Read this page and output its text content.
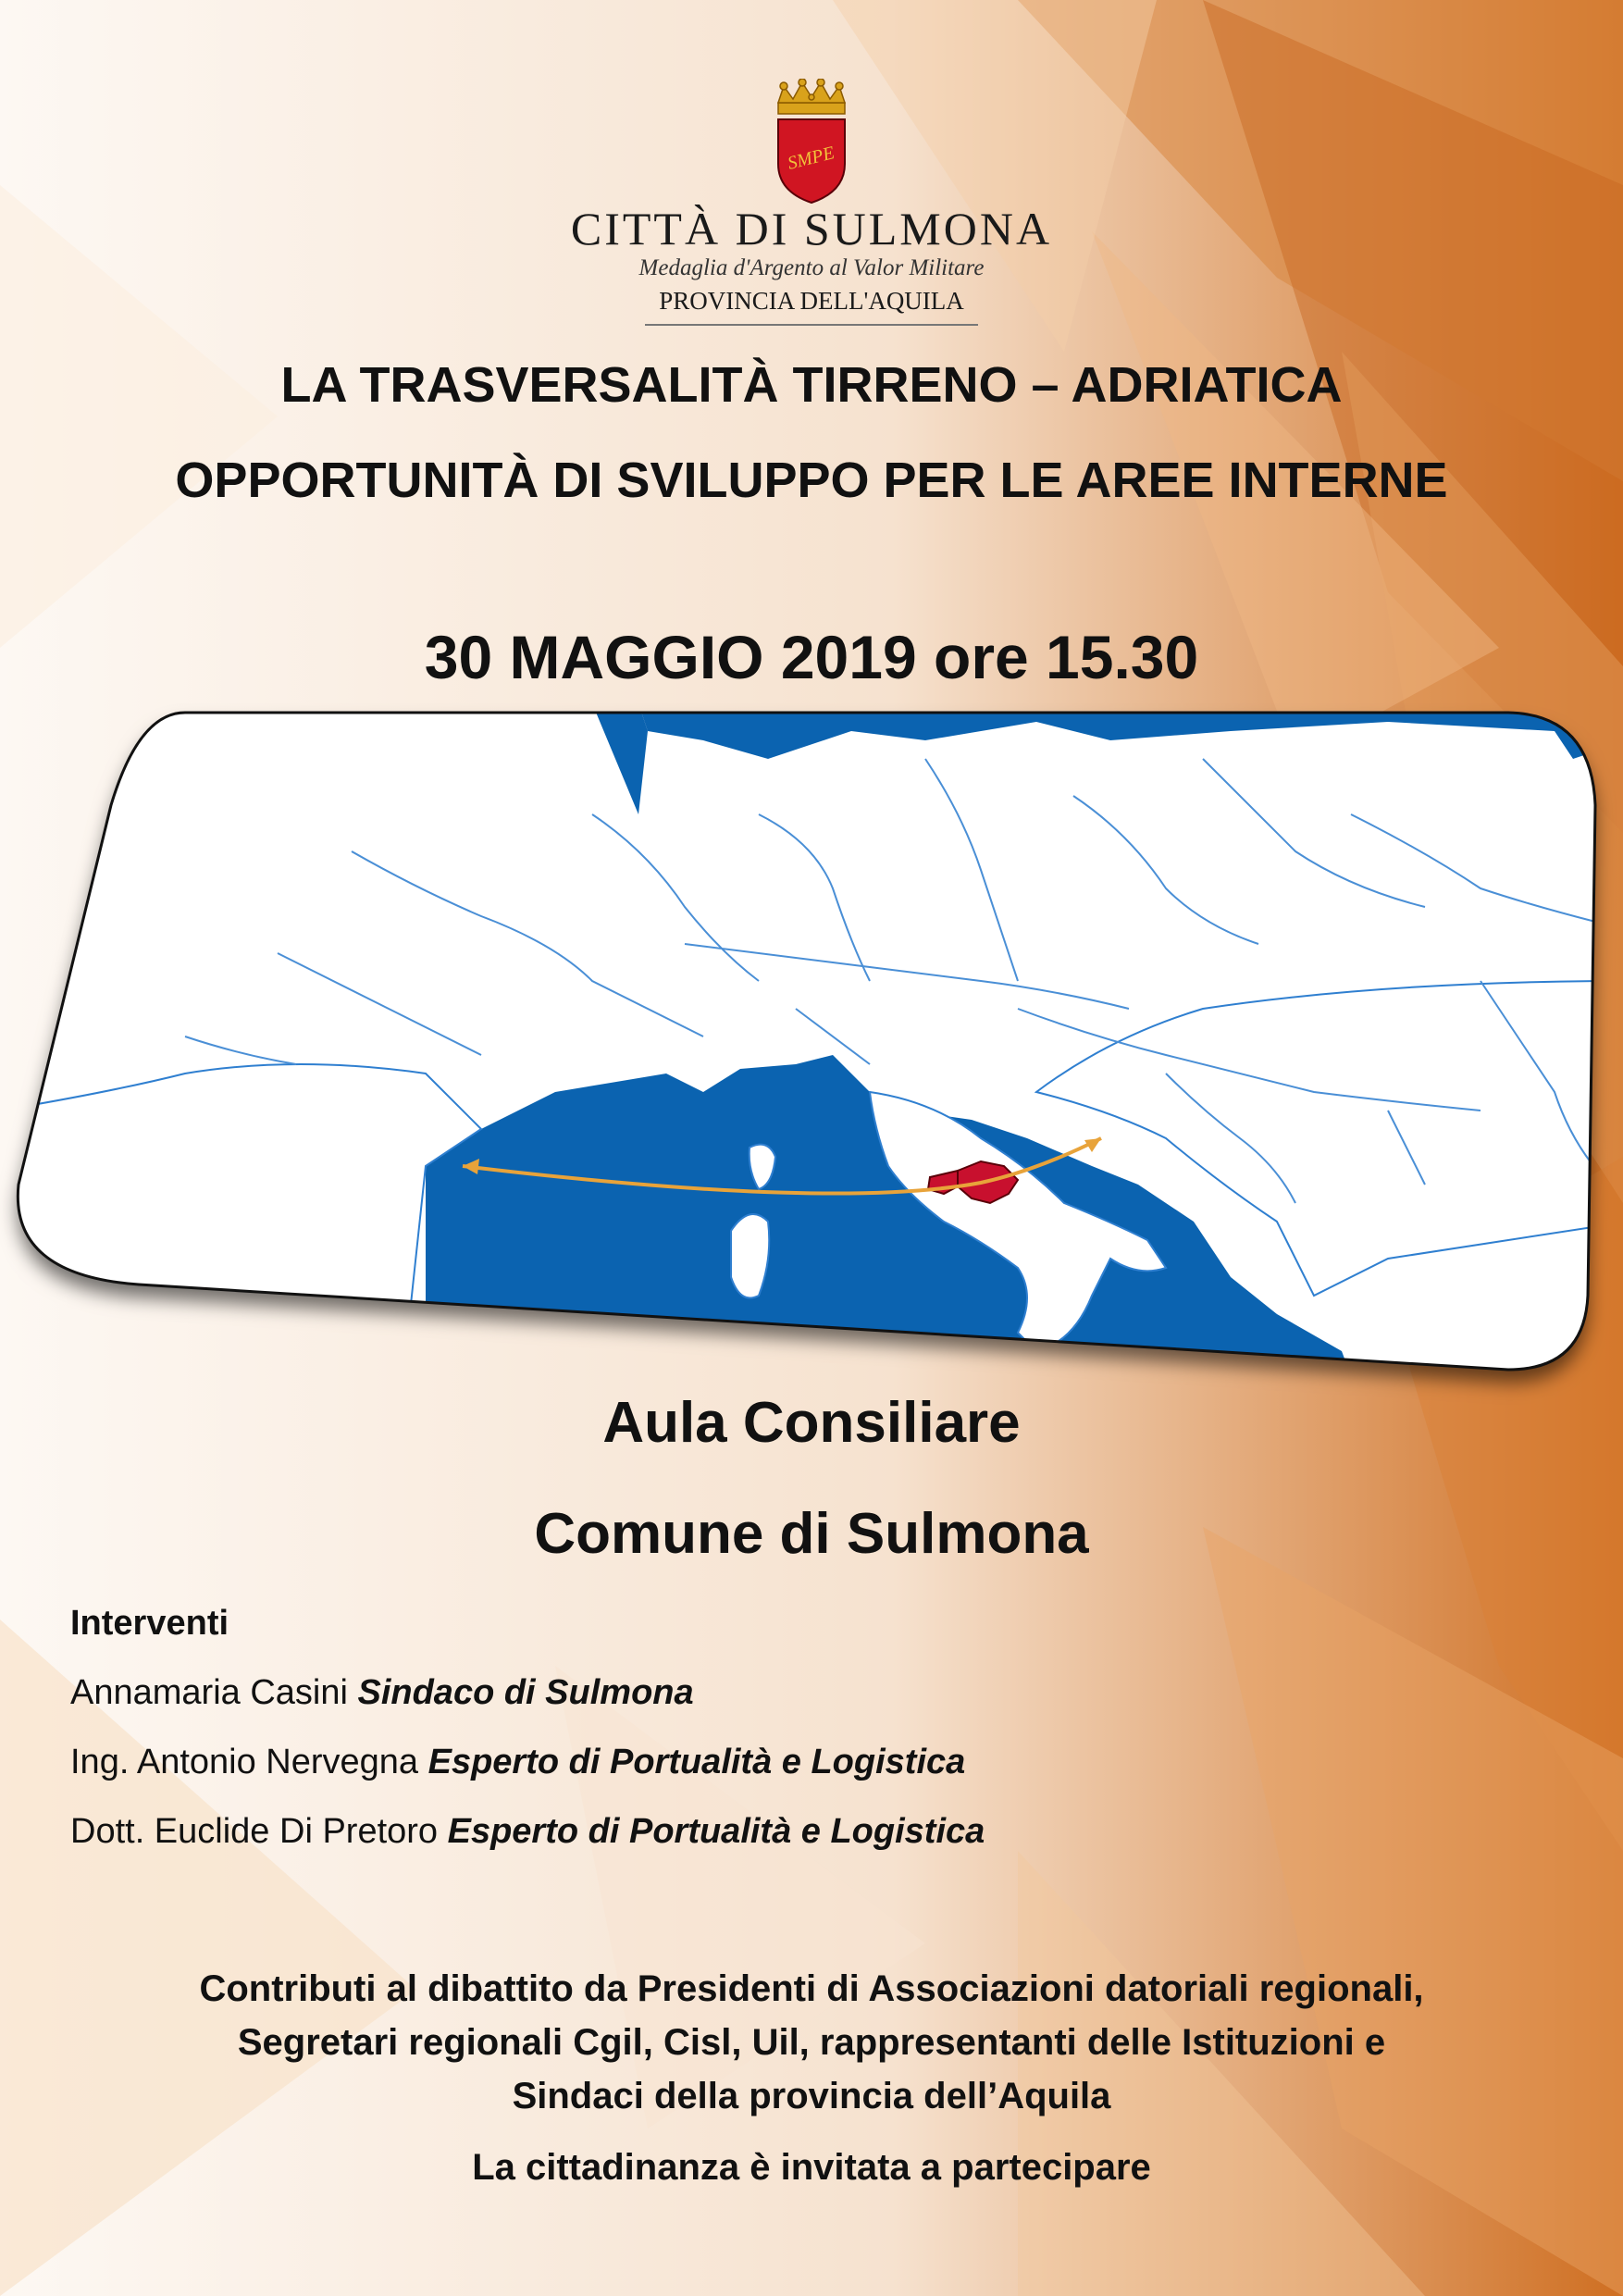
SMPE
CITTÀ DI SULMONA
Medaglia d'Argento al Valor Militare
PROVINCIA DELL'AQUILA
LA TRASVERSALITÀ TIRRENO – ADRIATICA
OPPORTUNITÀ DI SVILUPPO PER LE AREE INTERNE
30 MAGGIO 2019 ore 15.30
Aula Consiliare
Comune di Sulmona
Interventi
Annamaria Casini Sindaco di Sulmona
Ing. Antonio Nervegna Esperto di Portualità e Logistica
Dott. Euclide Di Pretoro Esperto di Portualità e Logistica
Contributi al dibattito da Presidenti di Associazioni datoriali regionali,
Segretari regionali Cgil, Cisl, Uil, rappresentanti delle Istituzioni e
Sindaci della provincia dell’Aquila
La cittadinanza è invitata a partecipare
